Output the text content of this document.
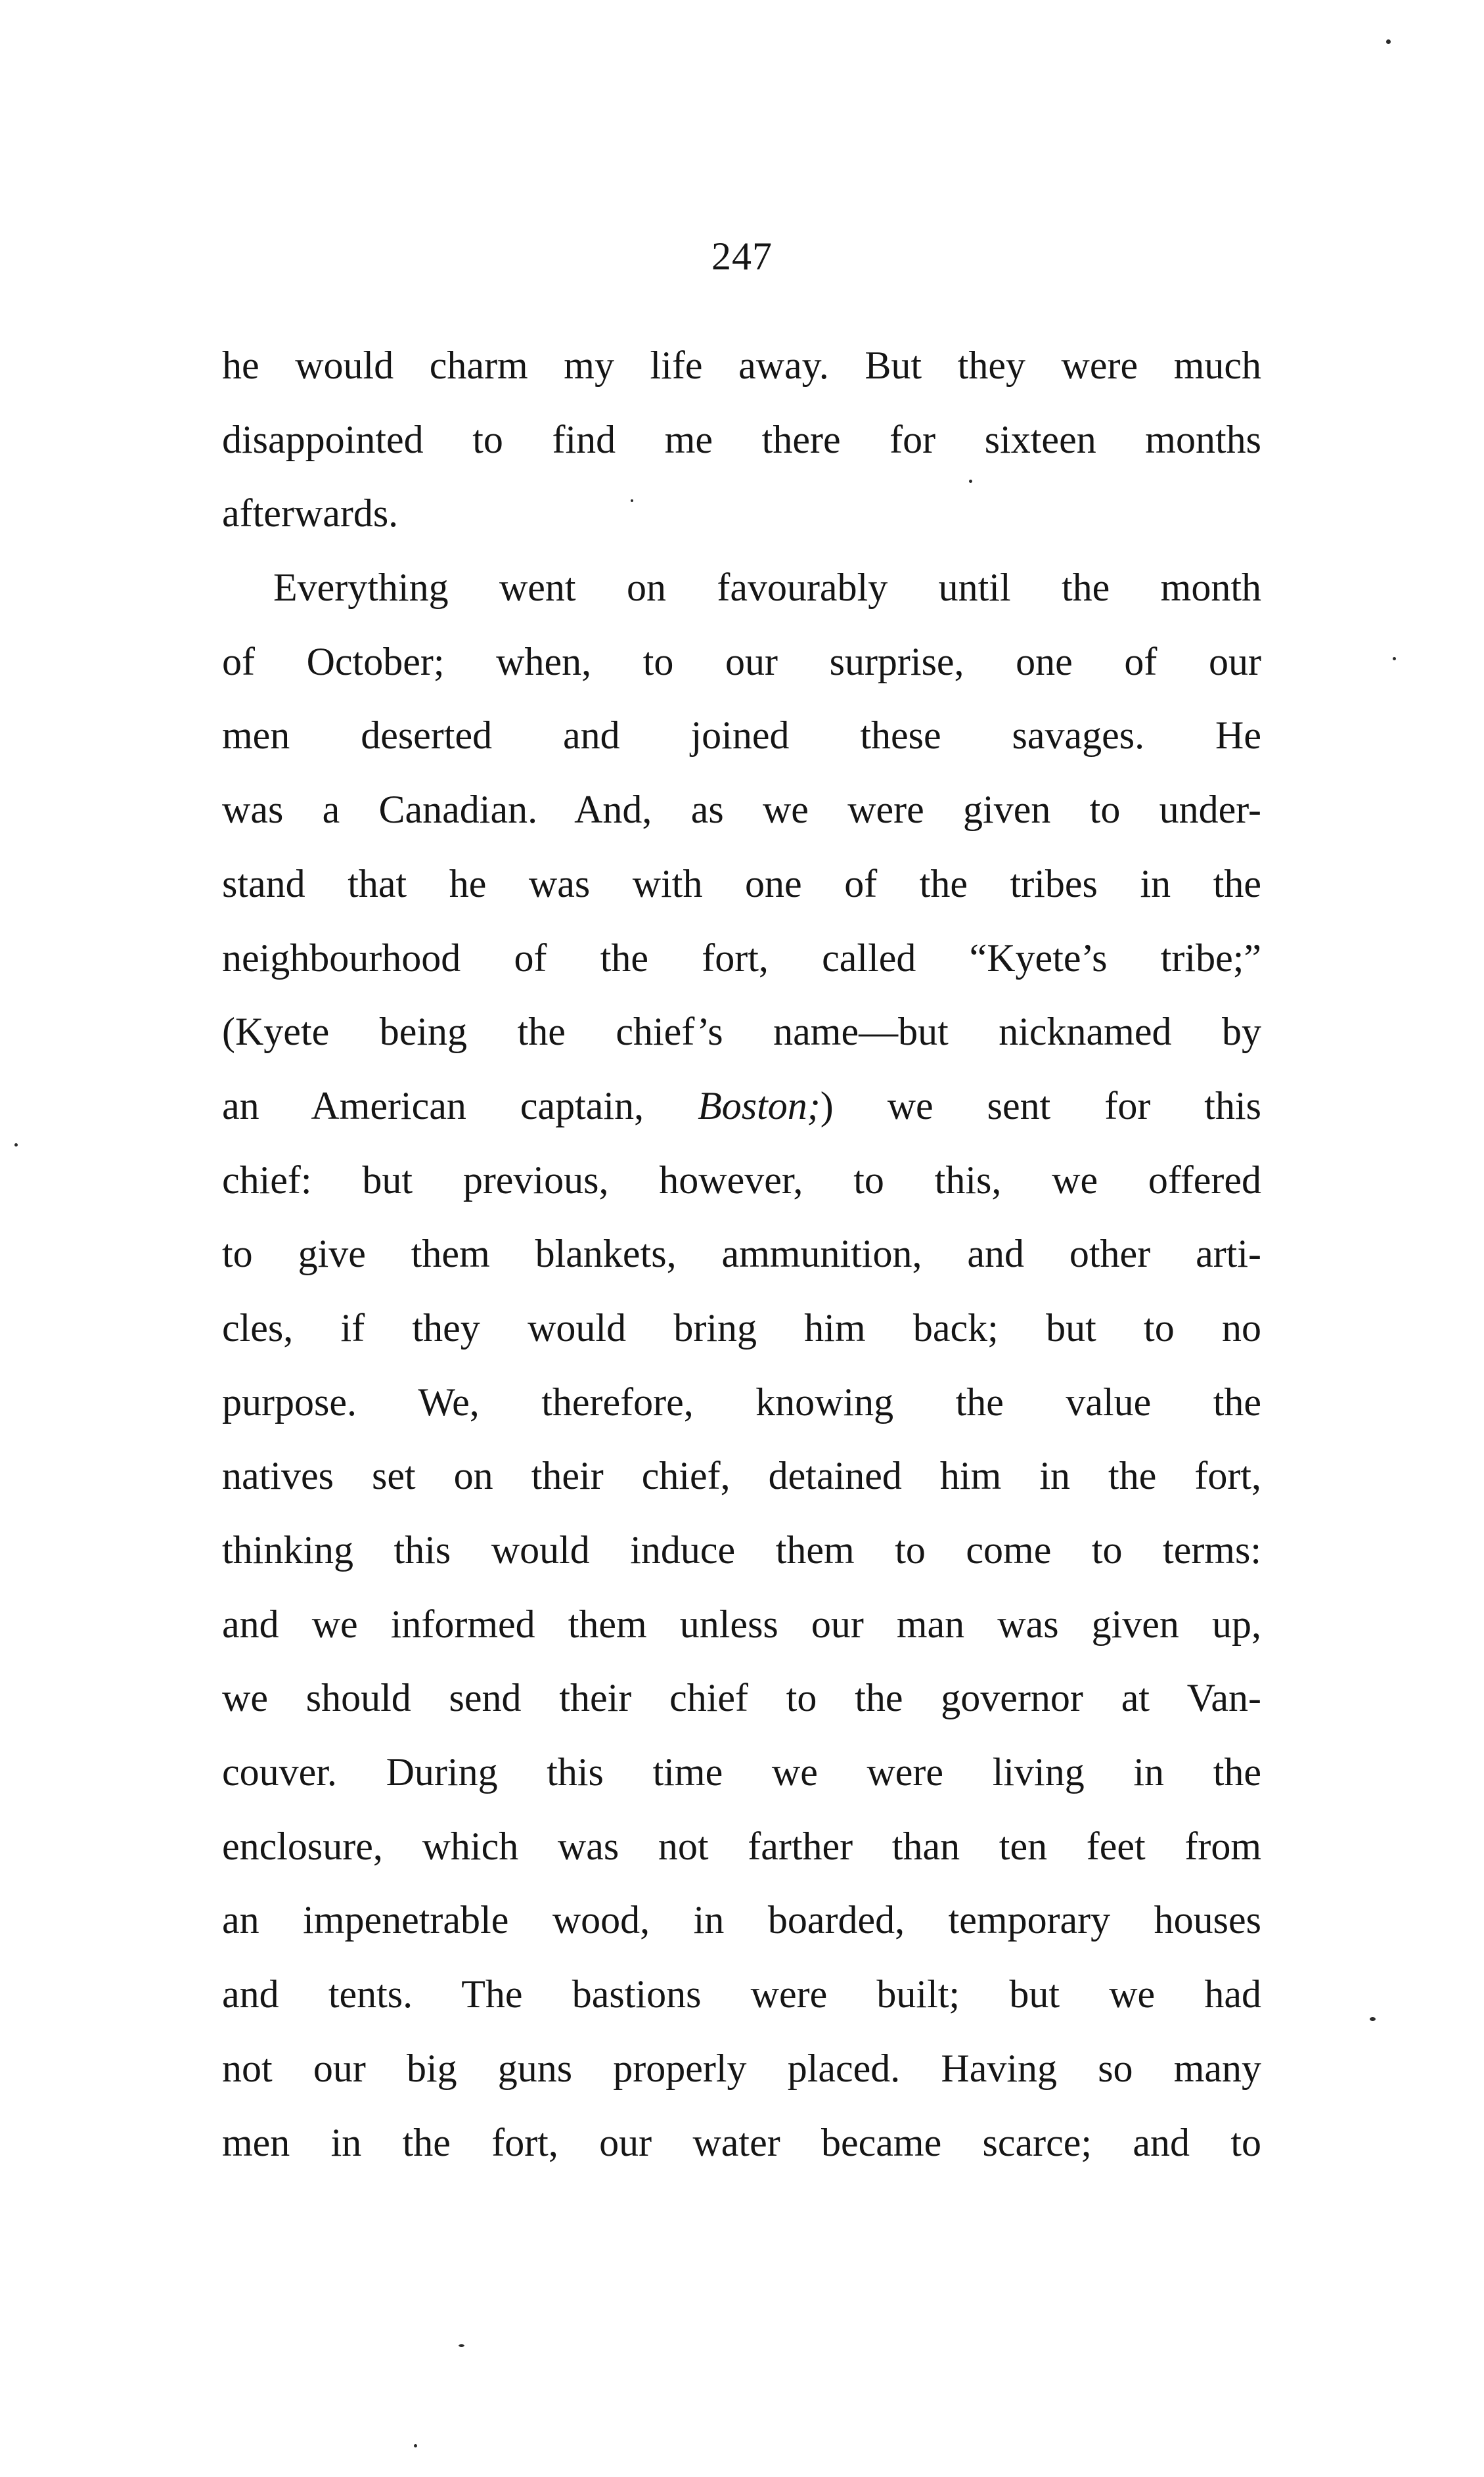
247
he would charm my life away. But they were much
disappointed to find me there for sixteen months
afterwards.
Everything went on favourably until the month
of October; when, to our surprise, one of our
men deserted and joined these savages. He
was a Canadian. And, as we were given to under-
stand that he was with one of the tribes in the
neighbourhood of the fort, called “Kyete’s tribe;”
(Kyete being the chief’s name—but nicknamed by
an American captain, Boston;) we sent for this
chief: but previous, however, to this, we offered
to give them blankets, ammunition, and other arti-
cles, if they would bring him back; but to no
purpose. We, therefore, knowing the value the
natives set on their chief, detained him in the fort,
thinking this would induce them to come to terms:
and we informed them unless our man was given up,
we should send their chief to the governor at Van-
couver. During this time we were living in the
enclosure, which was not farther than ten feet from
an impenetrable wood, in boarded, temporary houses
and tents. The bastions were built; but we had
not our big guns properly placed. Having so many
men in the fort, our water became scarce; and to
